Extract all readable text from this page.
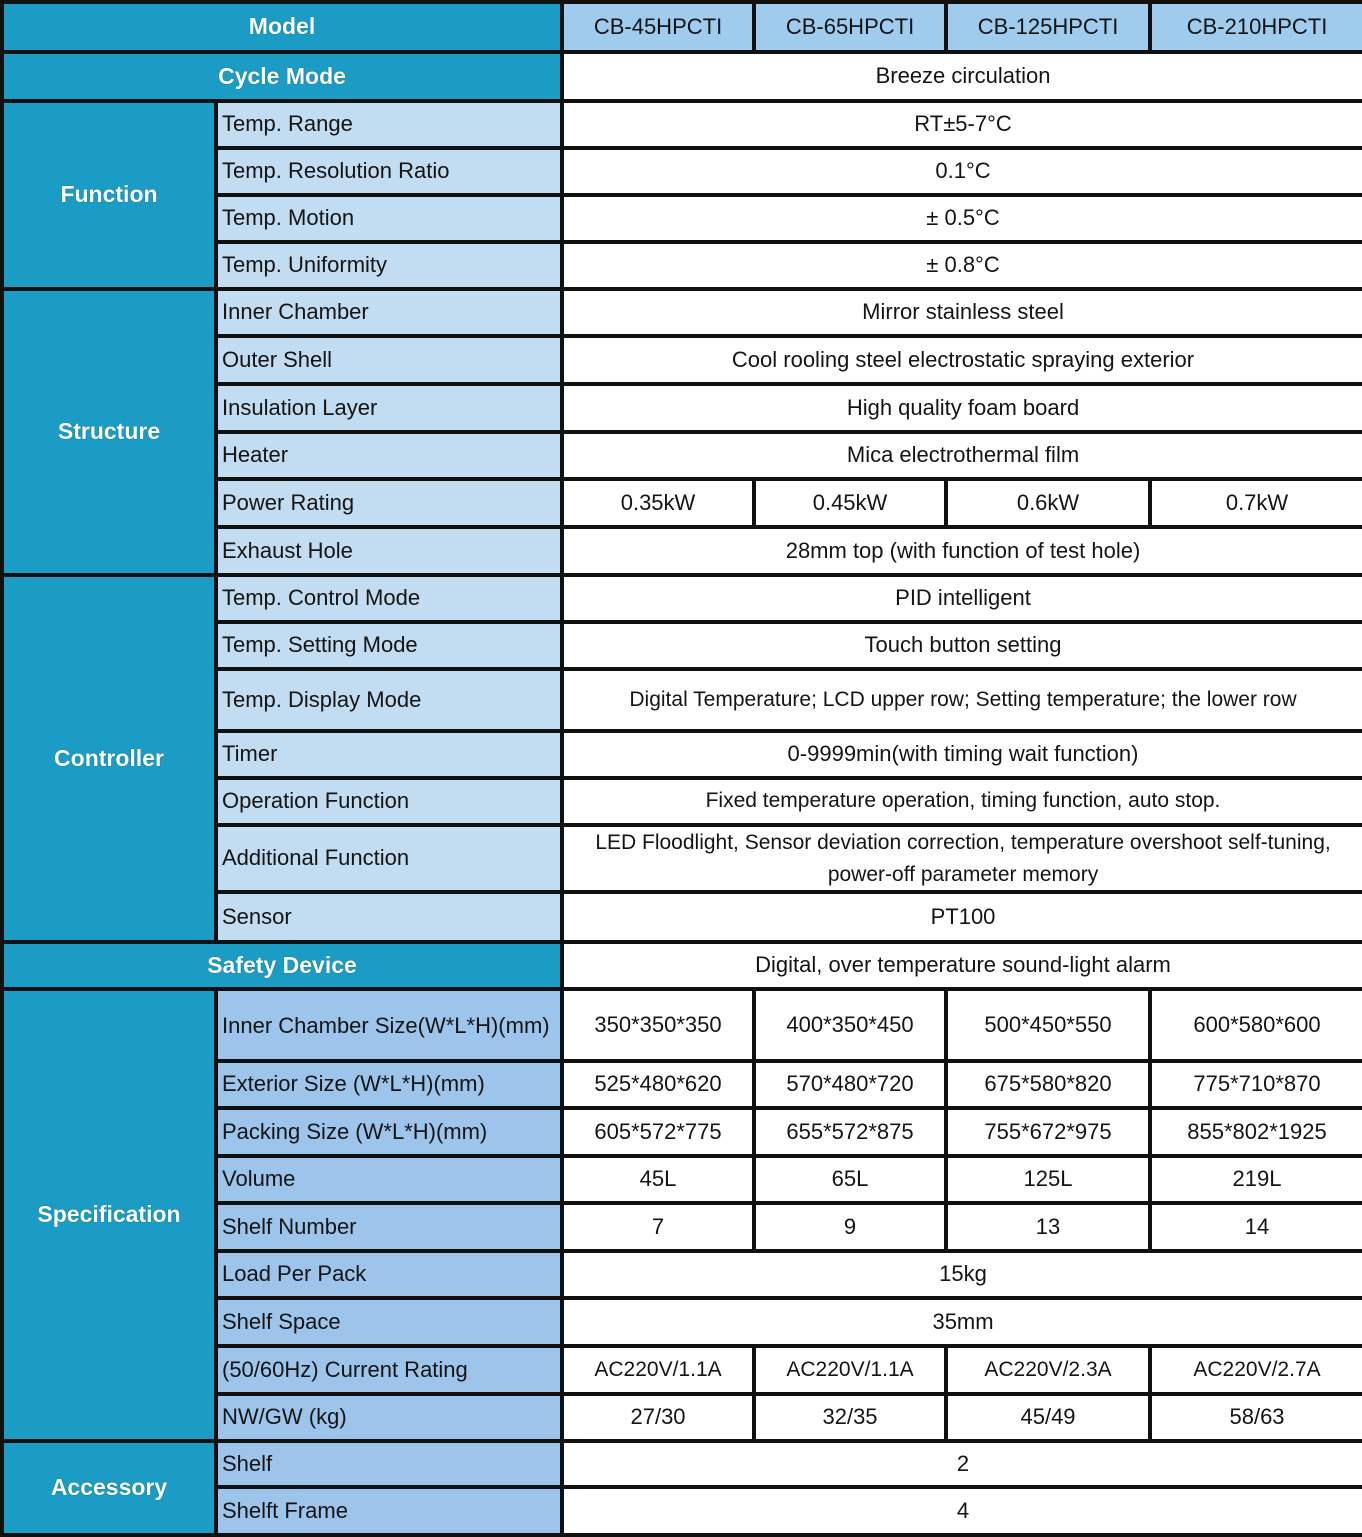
Model		CB-45HPCTI	CB-65HPCTI	CB-125HPCTI	CB-210HPCTI
Cycle Mode		Breeze circulation			
Function	Temp. Range	RT±5-7°C			
	Temp. Resolution Ratio	0.1°C			
	Temp. Motion	± 0.5°C			
	Temp. Uniformity	± 0.8°C			
Structure	Inner Chamber	Mirror stainless steel			
	Outer Shell	Cool rooling steel electrostatic spraying exterior			
	Insulation Layer	High quality foam board			
	Heater	Mica electrothermal film			
	Power Rating	0.35kW	0.45kW	0.6kW	0.7kW
	Exhaust Hole	28mm top (with function of test hole)			
Controller	Temp. Control Mode	PID intelligent			
	Temp. Setting Mode	Touch button setting			
	Temp. Display Mode	Digital Temperature; LCD upper row; Setting temperature; the lower row			
	Timer	0-9999min(with timing wait function)			
	Operation Function	Fixed temperature operation, timing function, auto stop.			
	Additional Function	LED Floodlight, Sensor deviation correction, temperature overshoot self-tuning, power-off parameter memory			
	Sensor	PT100			
Safety Device		Digital, over temperature sound-light alarm			
Specification	Inner Chamber Size(W*L*H)(mm)	350*350*350	400*350*450	500*450*550	600*580*600
	Exterior Size (W*L*H)(mm)	525*480*620	570*480*720	675*580*820	775*710*870
	Packing Size (W*L*H)(mm)	605*572*775	655*572*875	755*672*975	855*802*1925
	Volume	45L	65L	125L	219L
	Shelf Number	7	9	13	14
	Load Per Pack	15kg			
	Shelf Space	35mm			
	(50/60Hz) Current Rating	AC220V/1.1A	AC220V/1.1A	AC220V/2.3A	AC220V/2.7A
	NW/GW (kg)	27/30	32/35	45/49	58/63
Accessory	Shelf	2			
	Shelft Frame	4			
